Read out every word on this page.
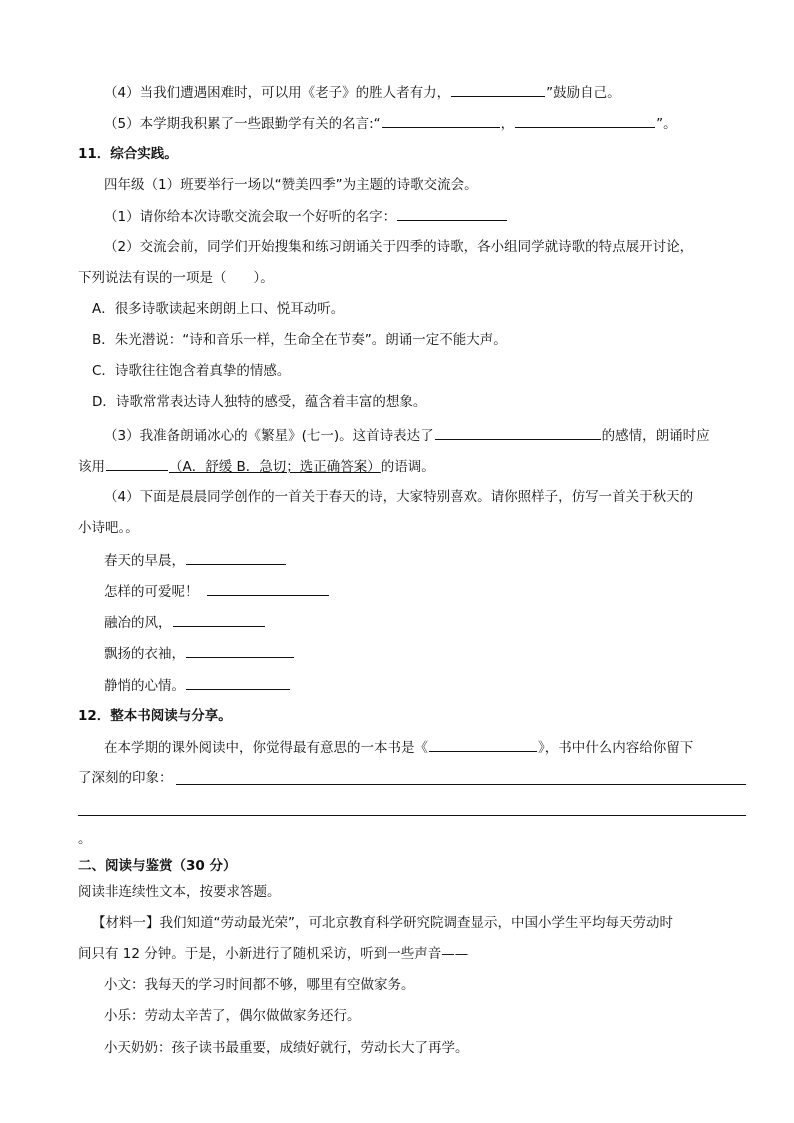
（4）当我们遭遇困难时，可以用《老子》的胜人者有力，	”鼓励自己。
（5）本学期我积累了一些跟勤学有关的名言:“	，	”。
11．综合实践。
四年级（1）班要举行一场以“赞美四季”为主题的诗歌交流会。
（1）请你给本次诗歌交流会取一个好听的名字：
（2）交流会前，同学们开始搜集和练习朗诵关于四季的诗歌，各小组同学就诗歌的特点展开讨论，
下列说法有误的一项是（　　）。
A．很多诗歌读起来朗朗上口、悦耳动听。
B．朱光潜说：“诗和音乐一样，生命全在节奏”。朗诵一定不能大声。
C．诗歌往往饱含着真挚的情感。
D．诗歌常常表达诗人独特的感受，蕴含着丰富的想象。
（3）我准备朗诵冰心的《繁星》(七一)。这首诗表达了	的感情，朗诵时应
该用	（A．舒缓 B．急切；选正确答案）的语调。
（4）下面是晨晨同学创作的一首关于春天的诗，大家特别喜欢。请你照样子，仿写一首关于秋天的
小诗吧。。
春天的早晨，
怎样的可爱呢！
融冶的风，
飘扬的衣袖，
静悄的心情。
12．整本书阅读与分享。
在本学期的课外阅读中，你觉得最有意思的一本书是《	》，书中什么内容给你留下
了深刻的印象：
。
二、阅读与鉴赏（30 分）
阅读非连续性文本，按要求答题。
【材料一】我们知道“劳动最光荣”，可北京教育科学研究院调查显示，中国小学生平均每天劳动时
间只有 12 分钟。于是，小新进行了随机采访，听到一些声音——
小文：我每天的学习时间都不够，哪里有空做家务。
小乐：劳动太辛苦了，偶尔做做家务还行。
小天奶奶：孩子读书最重要，成绩好就行，劳动长大了再学。
